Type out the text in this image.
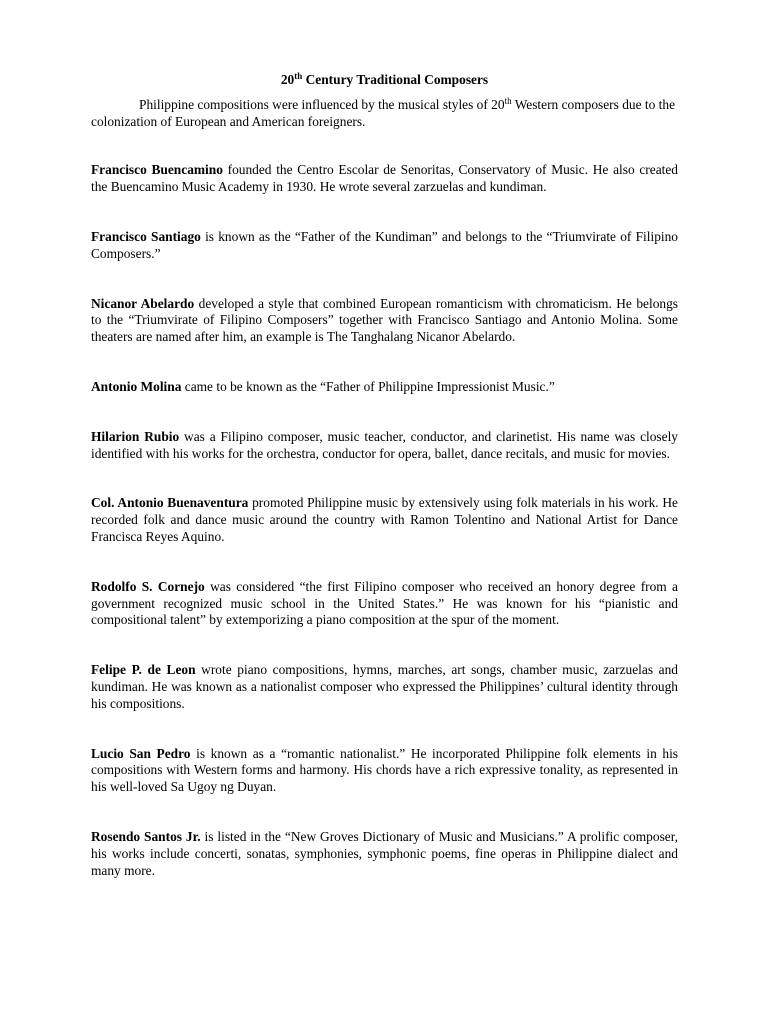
20th Century Traditional Composers

Philippine compositions were influenced by the musical styles of 20th Western composers due to the colonization of European and American foreigners.

Francisco Buencamino founded the Centro Escolar de Senoritas, Conservatory of Music. He also created the Buencamino Music Academy in 1930. He wrote several zarzuelas and kundiman.

Francisco Santiago is known as the “Father of the Kundiman” and belongs to the “Triumvirate of Filipino Composers.”

Nicanor Abelardo developed a style that combined European romanticism with chromaticism. He belongs to the “Triumvirate of Filipino Composers” together with Francisco Santiago and Antonio Molina. Some theaters are named after him, an example is The Tanghalang Nicanor Abelardo.

Antonio Molina came to be known as the “Father of Philippine Impressionist Music.”

Hilarion Rubio was a Filipino composer, music teacher, conductor, and clarinetist. His name was closely identified with his works for the orchestra, conductor for opera, ballet, dance recitals, and music for movies.

Col. Antonio Buenaventura promoted Philippine music by extensively using folk materials in his work. He recorded folk and dance music around the country with Ramon Tolentino and National Artist for Dance Francisca Reyes Aquino.

Rodolfo S. Cornejo was considered “the first Filipino composer who received an honory degree from a government recognized music school in the United States.” He was known for his “pianistic and compositional talent” by extemporizing a piano composition at the spur of the moment.

Felipe P. de Leon wrote piano compositions, hymns, marches, art songs, chamber music, zarzuelas and kundiman. He was known as a nationalist composer who expressed the Philippines’ cultural identity through his compositions.

Lucio San Pedro is known as a “romantic nationalist.” He incorporated Philippine folk elements in his compositions with Western forms and harmony. His chords have a rich expressive tonality, as represented in his well-loved Sa Ugoy ng Duyan.

Rosendo Santos Jr. is listed in the “New Groves Dictionary of Music and Musicians.” A prolific composer, his works include concerti, sonatas, symphonies, symphonic poems, fine operas in Philippine dialect and many more.
